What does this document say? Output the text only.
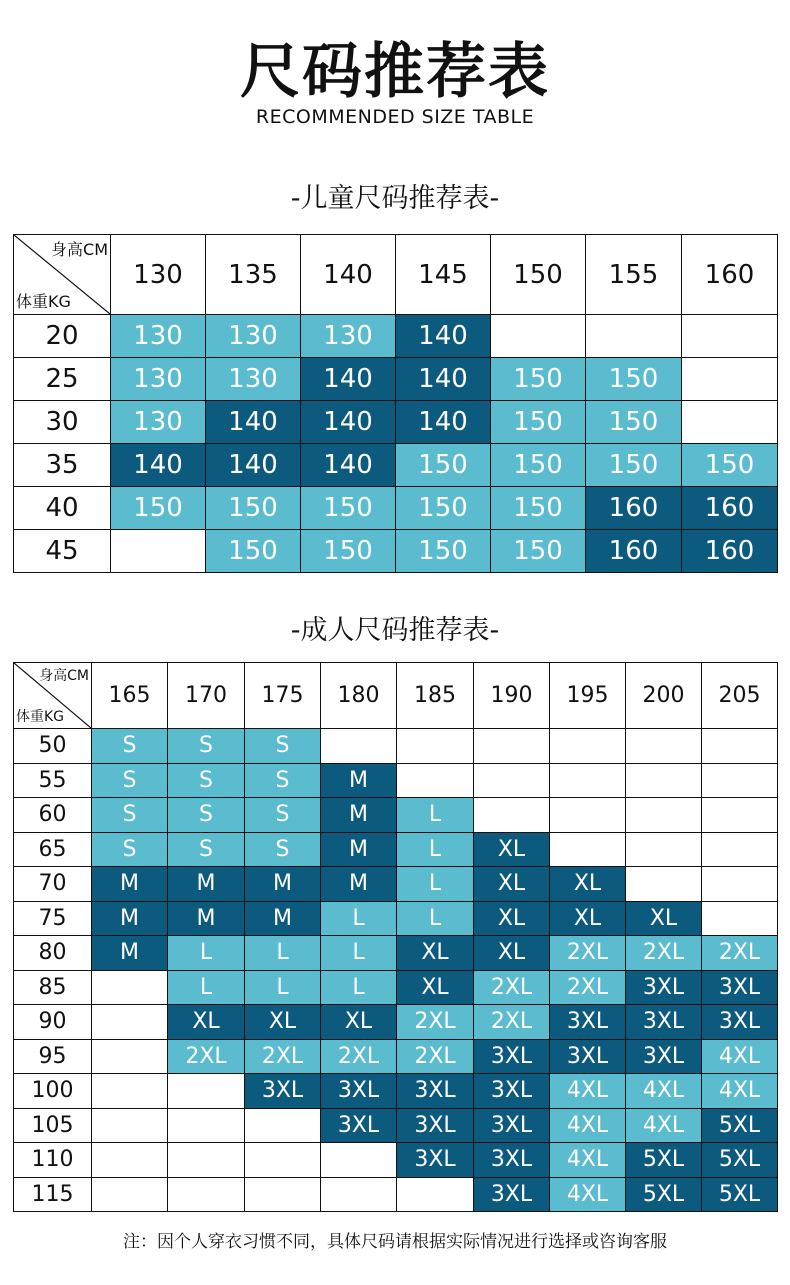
尺码推荐表
RECOMMENDED SIZE TABLE
-儿童尺码推荐表-
身高CM
体重KG	130	135	140	145	150	155	160
20	130	130	130	140			
25	130	130	140	140	150	150	
30	130	140	140	140	150	150	
35	140	140	140	150	150	150	150
40	150	150	150	150	150	160	160
45		150	150	150	150	160	160
-成人尺码推荐表-
身高CM
体重KG	165	170	175	180	185	190	195	200	205
50	S	S	S						
55	S	S	S	M					
60	S	S	S	M	L				
65	S	S	S	M	L	XL			
70	M	M	M	M	L	XL	XL		
75	M	M	M	L	L	XL	XL	XL	
80	M	L	L	L	XL	XL	2XL	2XL	2XL
85		L	L	L	XL	2XL	2XL	3XL	3XL
90		XL	XL	XL	2XL	2XL	3XL	3XL	3XL
95		2XL	2XL	2XL	2XL	3XL	3XL	3XL	4XL
100			3XL	3XL	3XL	3XL	4XL	4XL	4XL
105				3XL	3XL	3XL	4XL	4XL	5XL
110					3XL	3XL	4XL	5XL	5XL
115						3XL	4XL	5XL	5XL
注：因个人穿衣习惯不同，具体尺码请根据实际情况进行选择或咨询客服
